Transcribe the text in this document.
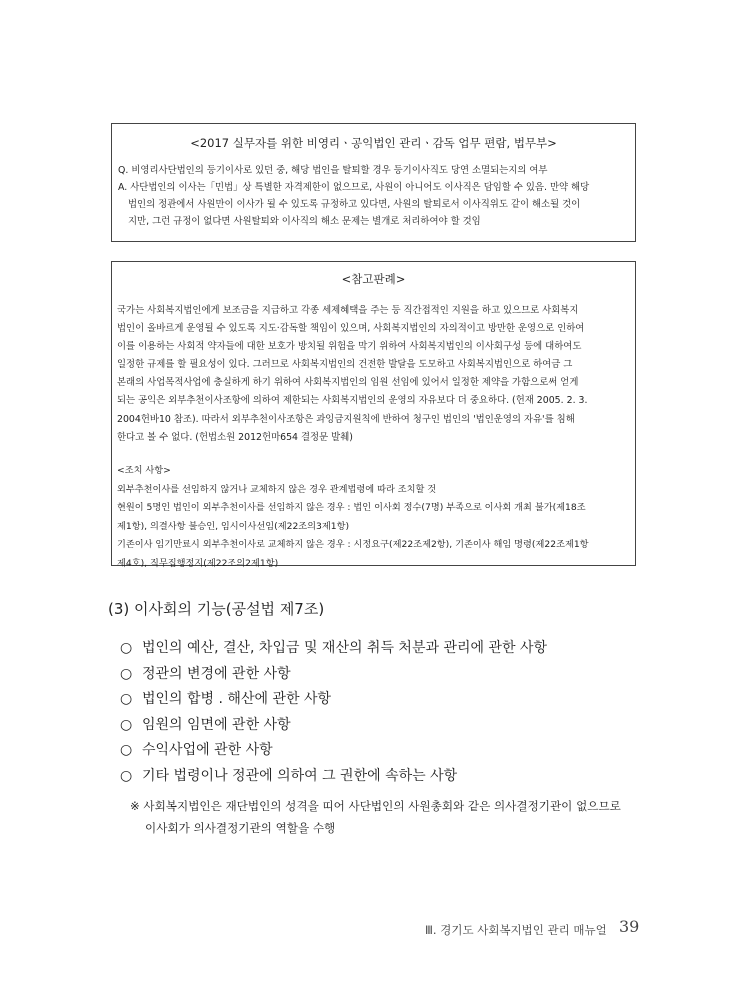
<2017 실무자를 위한 비영리ㆍ공익법인 관리ㆍ감독 업무 편람, 법무부>
Q. 비영리사단법인의 등기이사로 있던 중, 해당 법인을 탈퇴할 경우 등기이사직도 당연 소멸되는지의 여부
A. 사단법인의 이사는「민법」상 특별한 자격제한이 없으므로, 사원이 아니어도 이사직은 담임할 수 있음. 만약 해당
법인의 정관에서 사원만이 이사가 될 수 있도록 규정하고 있다면, 사원의 탈퇴로서 이사직위도 같이 해소될 것이
지만, 그런 규정이 없다면 사원탈퇴와 이사직의 해소 문제는 별개로 처리하여야 할 것임
<참고판례>
국가는 사회복지법인에게 보조금을 지급하고 각종 세제혜택을 주는 등 직간접적인 지원을 하고 있으므로 사회복지
법인이 올바르게 운영될 수 있도록 지도·감독할 책임이 있으며, 사회복지법인의 자의적이고 방만한 운영으로 인하여
이를 이용하는 사회적 약자들에 대한 보호가 방치될 위험을 막기 위하여 사회복지법인의 이사회구성 등에 대하여도
일정한 규제를 할 필요성이 있다. 그러므로 사회복지법인의 건전한 발달을 도모하고 사회복지법인으로 하여금 그
본래의 사업목적사업에 충실하게 하기 위하여 사회복지법인의 임원 선임에 있어서 일정한 제약을 가함으로써 얻게
되는 공익은 외부추천이사조항에 의하여 제한되는 사회복지법인의 운영의 자유보다 더 중요하다. (헌재 2005. 2. 3.
2004헌바10 참조). 따라서 외부추천이사조항은 과잉금지원칙에 반하여 청구인 법인의 '법인운영의 자유'를 침해
한다고 볼 수 없다. (헌법소원 2012헌마654 결정문 발췌)
<조치 사항>
외부추천이사를 선임하지 않거나 교체하지 않은 경우 관계법령에 따라 조치할 것
현원이 5명인 법인이 외부추천이사를 선임하지 않은 경우 : 법인 이사회 정수(7명) 부족으로 이사회 개최 불가(제18조
제1항), 의결사항 불승인, 임시이사선임(제22조의3제1항)
기존이사 임기만료시 외부추천이사로 교체하지 않은 경우 : 시정요구(제22조제2항), 기존이사 해임 명령(제22조제1항
제4호), 직무집행정지(제22조의2제1항)
(3) 이사회의 기능(공설법 제7조)
○ 법인의 예산, 결산, 차입금 및 재산의 취득 처분과 관리에 관한 사항
○ 정관의 변경에 관한 사항
○ 법인의 합병 . 해산에 관한 사항
○ 임원의 임면에 관한 사항
○ 수익사업에 관한 사항
○ 기타 법령이나 정관에 의하여 그 권한에 속하는 사항
※ 사회복지법인은 재단법인의 성격을 띠어 사단법인의 사원총회와 같은 의사결정기관이 없으므로
이사회가 의사결정기관의 역할을 수행
Ⅲ. 경기도 사회복지법인 관리 매뉴얼 39
